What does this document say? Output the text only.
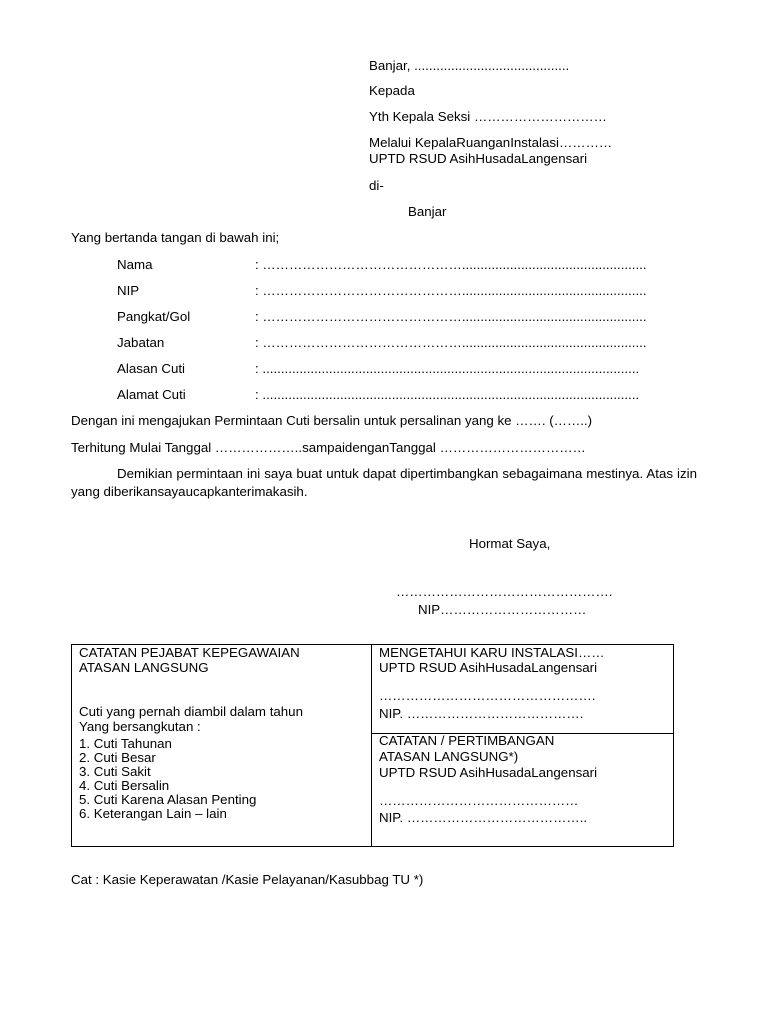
Banjar, ..........................................
Kepada
Yth Kepala Seksi …………………………
Melalui KepalaRuanganInstalasi…………
UPTD RSUD AsihHusadaLangensari
di-
Banjar
Yang bertanda tangan di bawah ini;
Nama	: ………………………………………..................................................
NIP	: ………………………………………..................................................
Pangkat/Gol	: ………………………………………..................................................
Jabatan	: ………………………………………..................................................
Alasan Cuti	: ......................................................................................................
Alamat Cuti	: ......................................................................................................
Dengan ini mengajukan Permintaan Cuti bersalin untuk persalinan yang ke ……. (……..)
Terhitung Mulai Tanggal ………………..sampaidenganTanggal ……………………………
Demikian permintaan ini saya buat untuk dapat dipertimbangkan sebagaimana mestinya. Atas izin yang diberikansayaucapkanterimakasih.
Hormat Saya,
………………………………………….
NIP……………………………
CATATAN PEJABAT KEPEGAWAIAN
ATASAN LANGSUNG
Cuti yang pernah diambil dalam tahun
Yang bersangkutan :
1. Cuti Tahunan
2. Cuti Besar
3. Cuti Sakit
4. Cuti Bersalin
5. Cuti Karena Alasan Penting
6. Keterangan Lain – lain

MENGETAHUI KARU INSTALASI……
UPTD RSUD AsihHusadaLangensari
………………………………………….
NIP. ………………………………….

CATATAN / PERTIMBANGAN
ATASAN LANGSUNG*)
UPTD RSUD AsihHusadaLangensari
………………………………………
NIP. …………………………………..
Cat : Kasie Keperawatan /Kasie Pelayanan/Kasubbag TU *)
